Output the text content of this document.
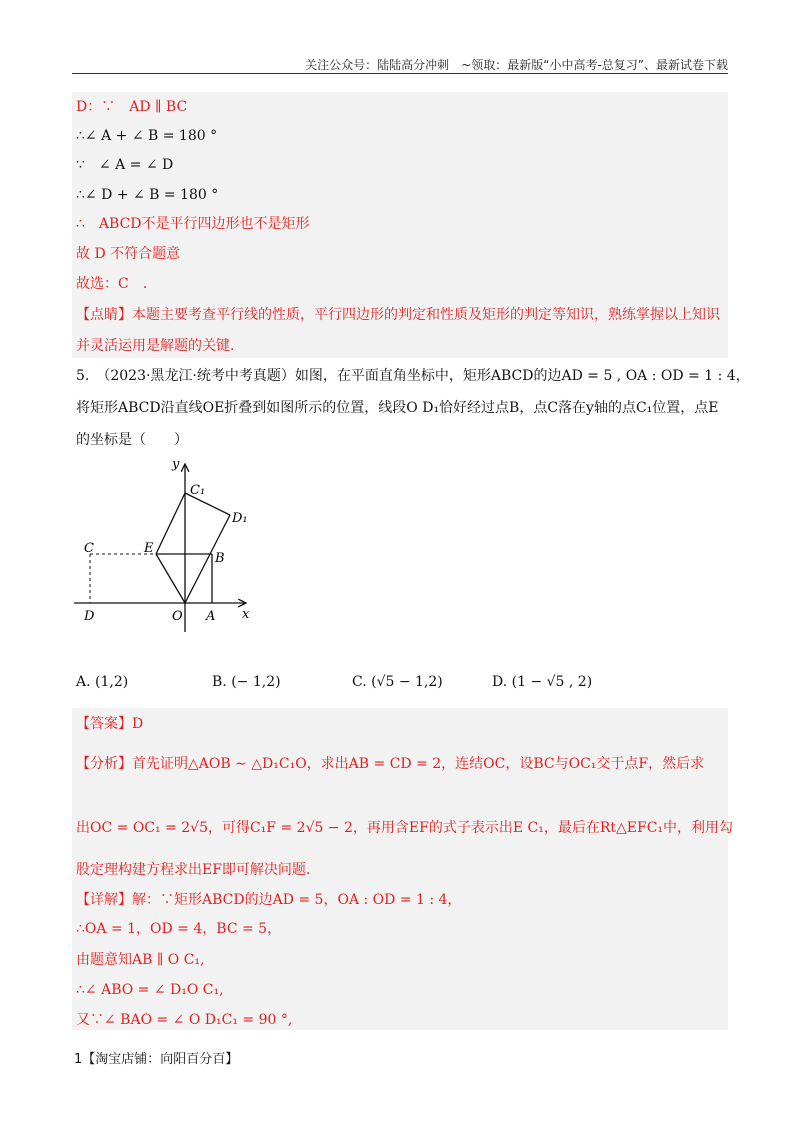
关注公众号：陆陆高分冲刺　~领取：最新版“小中高考-总复习”、最新试卷下载
D：∵　AD ∥ BC
∴∠ A + ∠ B = 180 °
∵　∠ A = ∠ D
∴∠ D + ∠ B = 180 °
∴　ABCD不是平行四边形也不是矩形
故 D 不符合题意
故选：C　.
【点睛】本题主要考查平行线的性质，平行四边形的判定和性质及矩形的判定等知识，熟练掌握以上知识
并灵活运用是解题的关键.
5.　（2023·黑龙江·统考中考真题）如图，在平面直角坐标中，矩形ABCD的边AD = 5 , OA : OD = 1 : 4，
将矩形ABCD沿直线OE折叠到如图所示的位置，线段O D₁恰好经过点B，点C落在y轴的点C₁位置，点E
的坐标是（　　）
y
x
C₁
D₁
C	E
B
D	O A
A. (1,2)	B. (− 1,2)	C. (√5 − 1,2)	D. (1 − √5 , 2)
【答案】D
【分析】首先证明△AOB ∼ △D₁C₁O，求出AB = CD = 2，连结OC，设BC与OC₁交于点F，然后求
出OC = OC₁ = 2√5，可得C₁F = 2√5 − 2，再用含EF的式子表示出E C₁，最后在Rt△EFC₁中，利用勾
股定理构建方程求出EF即可解决问题.
【详解】解：∵矩形ABCD的边AD = 5，OA : OD = 1 : 4，
∴OA = 1，OD = 4，BC = 5，
由题意知AB ∥ O C₁,
∴∠ ABO = ∠ D₁O C₁,
又∵∠ BAO = ∠ O D₁C₁ = 90 °,
1【淘宝店铺：向阳百分百】
